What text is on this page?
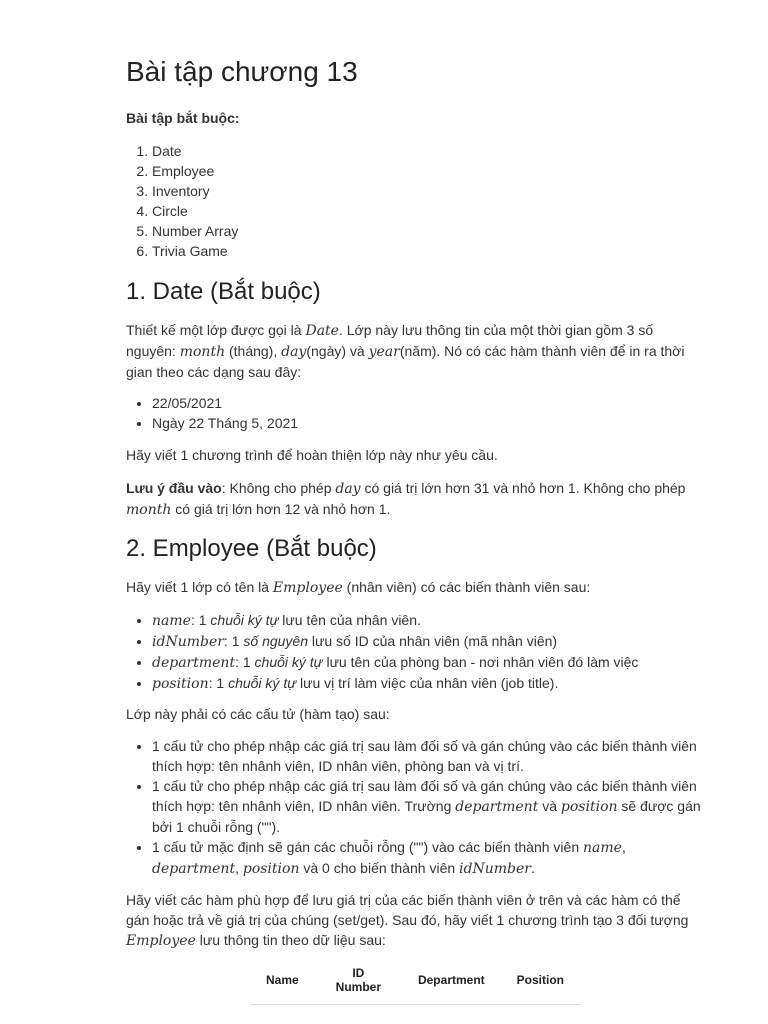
Bài tập chương 13

Bài tập bắt buộc:

1. Date
2. Employee
3. Inventory
4. Circle
5. Number Array
6. Trivia Game
1. Date (Bắt buộc)

Thiết kế một lớp được gọi là Date. Lớp này lưu thông tin của một thời gian gồm 3 số nguyên: month (tháng), day(ngày) và year(năm). Nó có các hàm thành viên để in ra thời gian theo các dạng sau đây:

• 22/05/2021
• Ngày 22 Tháng 5, 2021

Hãy viết 1 chương trình để hoàn thiện lớp này như yêu cầu.

Lưu ý đầu vào: Không cho phép day có giá trị lớn hơn 31 và nhỏ hơn 1. Không cho phép month có giá trị lớn hơn 12 và nhỏ hơn 1.

2. Employee (Bắt buộc)

Hãy viết 1 lớp có tên là Employee (nhân viên) có các biến thành viên sau:

• name: 1 chuỗi ký tự lưu tên của nhân viên.
• idNumber: 1 số nguyên lưu số ID của nhân viên (mã nhân viên)
• department: 1 chuỗi ký tự lưu tên của phòng ban - nơi nhân viên đó làm việc
• position: 1 chuỗi ký tự lưu vị trí làm việc của nhân viên (job title).

Lớp này phải có các cấu tử (hàm tạo) sau:

• 1 cấu tử cho phép nhập các giá trị sau làm đối số và gán chúng vào các biến thành viên thích hợp: tên nhânh viên, ID nhân viên, phòng ban và vị trí.
• 1 cấu tử cho phép nhập các giá trị sau làm đối số và gán chúng vào các biến thành viên thích hợp: tên nhânh viên, ID nhân viên. Trường department và position sẽ được gán bởi 1 chuỗi rỗng ("").
• 1 cấu tử mặc định sẽ gán các chuỗi rỗng ("") vào các biến thành viên name, department, position và 0 cho biến thành viên idNumber.

Hãy viết các hàm phù hợp để lưu giá trị của các biến thành viên ở trên và các hàm có thể gán hoặc trả về giá trị của chúng (set/get). Sau đó, hãy viết 1 chương trình tạo 3 đối tượng Employee lưu thông tin theo dữ liệu sau:

Name	ID Number	Department	Position
